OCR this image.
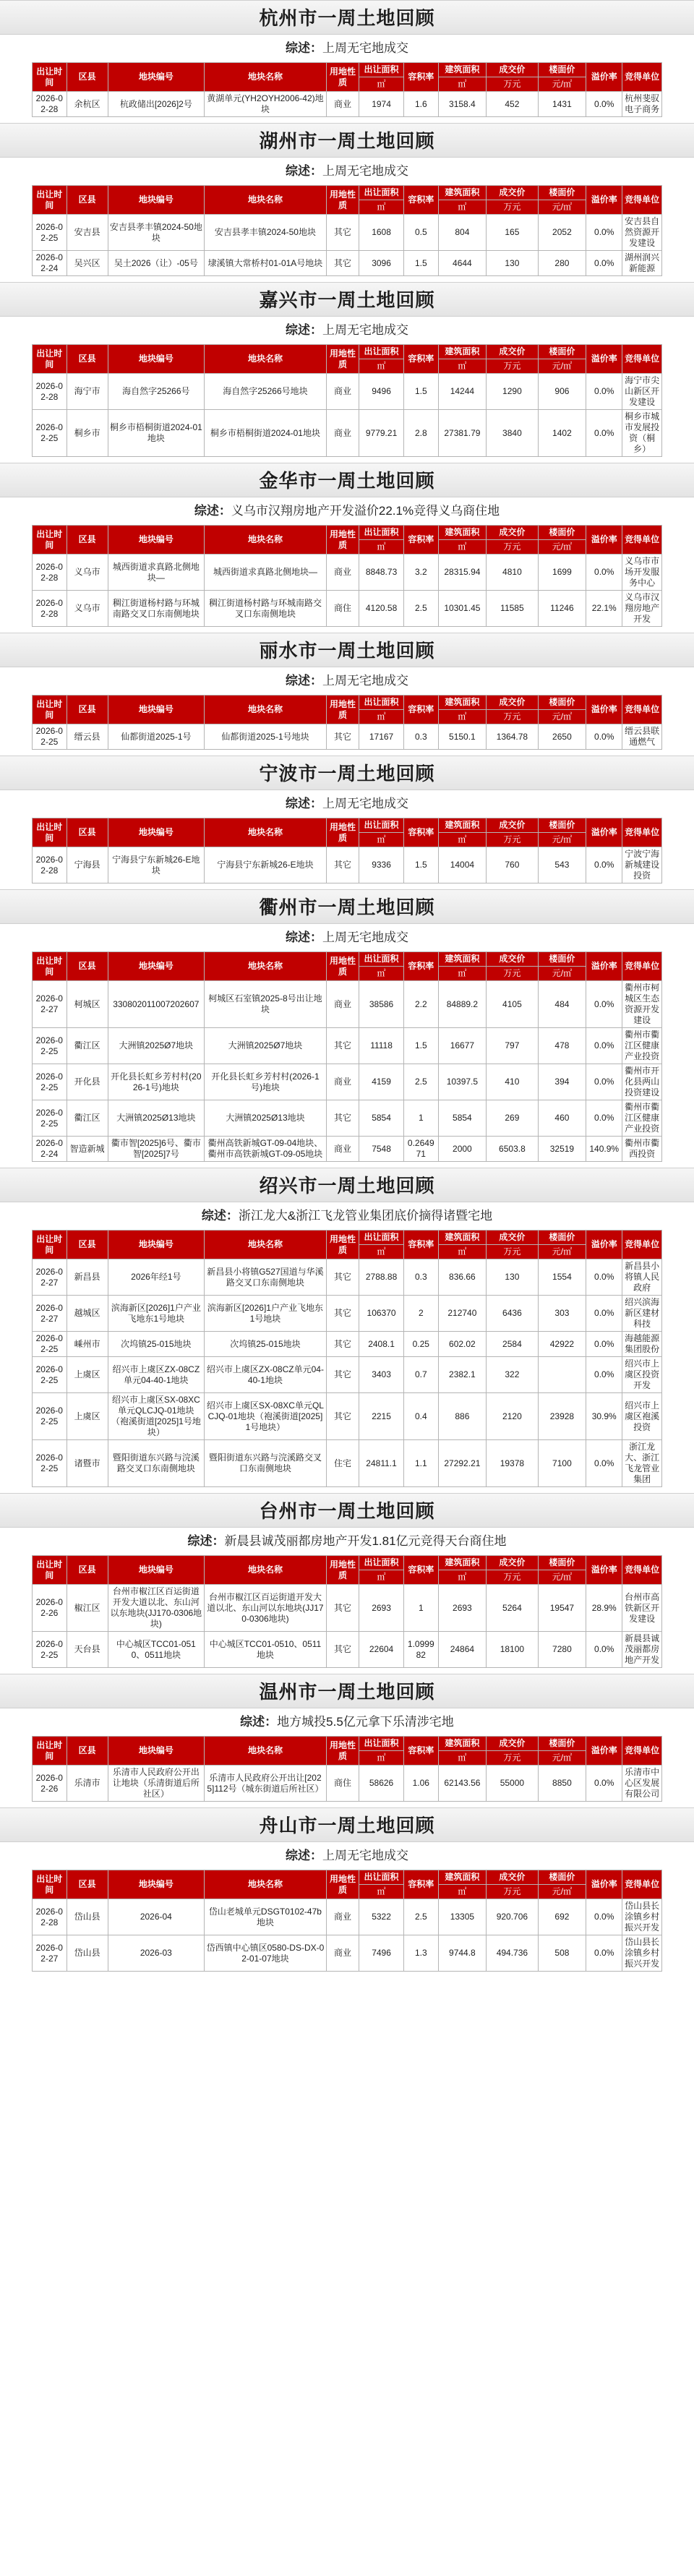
杭州市一周土地回顾
综述：上周无宅地成交
出让时间	区县	地块编号	地块名称	用地性质	出让面积	容积率	建筑面积	成交价	楼面价	溢价率	竞得单位
					㎡		㎡	万元	元/㎡		
2026-02-28	余杭区	杭政储出[2026]2号	黄湖单元(YH2OYH2006-42)地块	商业	1974	1.6	3158.4	452	1431	0.0%	杭州斐驭电子商务
湖州市一周土地回顾
综述：上周无宅地成交
出让时间	区县	地块编号	地块名称	用地性质	出让面积	容积率	建筑面积	成交价	楼面价	溢价率	竞得单位
					㎡		㎡	万元	元/㎡		
2026-02-25	安吉县	安吉县孝丰镇2024-50地块	安吉县孝丰镇2024-50地块	其它	1608	0.5	804	165	2052	0.0%	安吉县自然资源开发建设
2026-02-24	吴兴区	吴土2026（让）-05号	埭溪镇大常桥村01-01A号地块	其它	3096	1.5	4644	130	280	0.0%	湖州润兴新能源
嘉兴市一周土地回顾
综述：上周无宅地成交
出让时间	区县	地块编号	地块名称	用地性质	出让面积	容积率	建筑面积	成交价	楼面价	溢价率	竞得单位
					㎡		㎡	万元	元/㎡		
2026-02-28	海宁市	海自然字25266号	海自然字25266号地块	商业	9496	1.5	14244	1290	906	0.0%	海宁市尖山新区开发建设
2026-02-25	桐乡市	桐乡市梧桐街道2024-01地块	桐乡市梧桐街道2024-01地块	商业	9779.21	2.8	27381.79	3840	1402	0.0%	桐乡市城市发展投资（桐乡）
金华市一周土地回顾
综述：义乌市汉翔房地产开发溢价22.1%竞得义乌商住地
出让时间	区县	地块编号	地块名称	用地性质	出让面积	容积率	建筑面积	成交价	楼面价	溢价率	竞得单位
					㎡		㎡	万元	元/㎡		
2026-02-28	义乌市	城西街道求真路北侧地块—	城西街道求真路北侧地块—	商业	8848.73	3.2	28315.94	4810	1699	0.0%	义乌市市场开发服务中心
2026-02-28	义乌市	稠江街道杨村路与环城南路交叉口东南侧地块	稠江街道杨村路与环城南路交叉口东南侧地块	商住	4120.58	2.5	10301.45	11585	11246	22.1%	义乌市汉翔房地产开发
丽水市一周土地回顾
综述：上周无宅地成交
出让时间	区县	地块编号	地块名称	用地性质	出让面积	容积率	建筑面积	成交价	楼面价	溢价率	竞得单位
					㎡		㎡	万元	元/㎡		
2026-02-25	缙云县	仙都街道2025-1号	仙都街道2025-1号地块	其它	17167	0.3	5150.1	1364.78	2650	0.0%	缙云县联通燃气
宁波市一周土地回顾
综述：上周无宅地成交
出让时间	区县	地块编号	地块名称	用地性质	出让面积	容积率	建筑面积	成交价	楼面价	溢价率	竞得单位
					㎡		㎡	万元	元/㎡		
2026-02-28	宁海县	宁海县宁东新城26-E地块	宁海县宁东新城26-E地块	其它	9336	1.5	14004	760	543	0.0%	宁波宁海新城建设投资
衢州市一周土地回顾
综述：上周无宅地成交
出让时间	区县	地块编号	地块名称	用地性质	出让面积	容积率	建筑面积	成交价	楼面价	溢价率	竞得单位
					㎡		㎡	万元	元/㎡		
2026-02-27	柯城区	330802011007202607	柯城区石室镇2025-8号出让地块	商业	38586	2.2	84889.2	4105	484	0.0%	衢州市柯城区生态资源开发建设
2026-02-25	衢江区	大洲镇2025Ø7地块	大洲镇2025Ø7地块	其它	11118	1.5	16677	797	478	0.0%	衢州市衢江区健康产业投资
2026-02-25	开化县	开化县长虹乡芳村村(2026-1号)地块	开化县长虹乡芳村村(2026-1号)地块	商业	4159	2.5	10397.5	410	394	0.0%	衢州市开化县两山投资建设
2026-02-25	衢江区	大洲镇2025Ø13地块	大洲镇2025Ø13地块	其它	5854	1	5854	269	460	0.0%	衢州市衢江区健康产业投资
2026-02-24	智造新城	衢市智[2025]6号、衢市智[2025]7号	衢州高铁新城GT-09-04地块、衢州市高铁新城GT-09-05地块	商业	7548	0.264971	2000	6503.8	32519	140.9%	衢州市衢西投资
绍兴市一周土地回顾
综述：浙江龙大&浙江飞龙管业集团底价摘得诸暨宅地
出让时间	区县	地块编号	地块名称	用地性质	出让面积	容积率	建筑面积	成交价	楼面价	溢价率	竞得单位
					㎡		㎡	万元	元/㎡		
2026-02-27	新昌县	2026年经1号	新昌县小将镇G527国道与华溪路交叉口东南侧地块	其它	2788.88	0.3	836.66	130	1554	0.0%	新昌县小将镇人民政府
2026-02-27	越城区	滨海新区[2026]1户产业飞地东1号地块	滨海新区[2026]1户产业飞地东1号地块	其它	106370	2	212740	6436	303	0.0%	绍兴滨海新区建材科技
2026-02-25	嵊州市	次坞镇25-015地块	次坞镇25-015地块	其它	2408.1	0.25	602.02	2584	42922	0.0%	海越能源集团股份
2026-02-25	上虞区	绍兴市上虞区ZX-08CZ单元04-40-1地块	绍兴市上虞区ZX-08CZ单元04-40-1地块	其它	3403	0.7	2382.1	322		0.0%	绍兴市上虞区投资开发
2026-02-25	上虞区	绍兴市上虞区SX-08XC单元QLCJQ-01地块（袍溪街道[2025]1号地块）	绍兴市上虞区SX-08XC单元QLCJQ-01地块（袍溪街道[2025]1号地块）	其它	2215	0.4	886	2120	23928	30.9%	绍兴市上虞区袍溪投资
2026-02-25	诸暨市	暨阳街道东兴路与浣溪路交叉口东南侧地块	暨阳街道东兴路与浣溪路交叉口东南侧地块	住宅	24811.1	1.1	27292.21	19378	7100	0.0%	浙江龙大、浙江飞龙管业集团
台州市一周土地回顾
综述：新晨县诚茂丽都房地产开发1.81亿元竞得天台商住地
出让时间	区县	地块编号	地块名称	用地性质	出让面积	容积率	建筑面积	成交价	楼面价	溢价率	竞得单位
					㎡		㎡	万元	元/㎡		
2026-02-26	椒江区	台州市椒江区百运街道开发大道以北、东山河以东地块(JJ170-0306地块)	台州市椒江区百运街道开发大道以北、东山河以东地块(JJ170-0306地块)	其它	2693	1	2693	5264	19547	28.9%	台州市高铁新区开发建设
2026-02-25	天台县	中心城区TCC01-0510、0511地块	中心城区TCC01-0510、0511地块	其它	22604	1.099982	24864	18100	7280	0.0%	新晨县诚茂丽都房地产开发
温州市一周土地回顾
综述：地方城投5.5亿元拿下乐清涉宅地
出让时间	区县	地块编号	地块名称	用地性质	出让面积	容积率	建筑面积	成交价	楼面价	溢价率	竞得单位
					㎡		㎡	万元	元/㎡		
2026-02-26	乐清市	乐清市人民政府公开出让地块（乐清街道后所社区）	乐清市人民政府公开出让[2025]112号（城东街道后所社区）	商住	58626	1.06	62143.56	55000	8850	0.0%	乐清市中心区发展有限公司
舟山市一周土地回顾
综述：上周无宅地成交
出让时间	区县	地块编号	地块名称	用地性质	出让面积	容积率	建筑面积	成交价	楼面价	溢价率	竞得单位
					㎡		㎡	万元	元/㎡		
2026-02-28	岱山县	2026-04	岱山老城单元DSGT0102-47b地块	商业	5322	2.5	13305	920.706	692	0.0%	岱山县长涂镇乡村振兴开发
2026-02-27	岱山县	2026-03	岱西镇中心镇区0580-DS-DX-02-01-07地块	商业	7496	1.3	9744.8	494.736	508	0.0%	岱山县长涂镇乡村振兴开发
